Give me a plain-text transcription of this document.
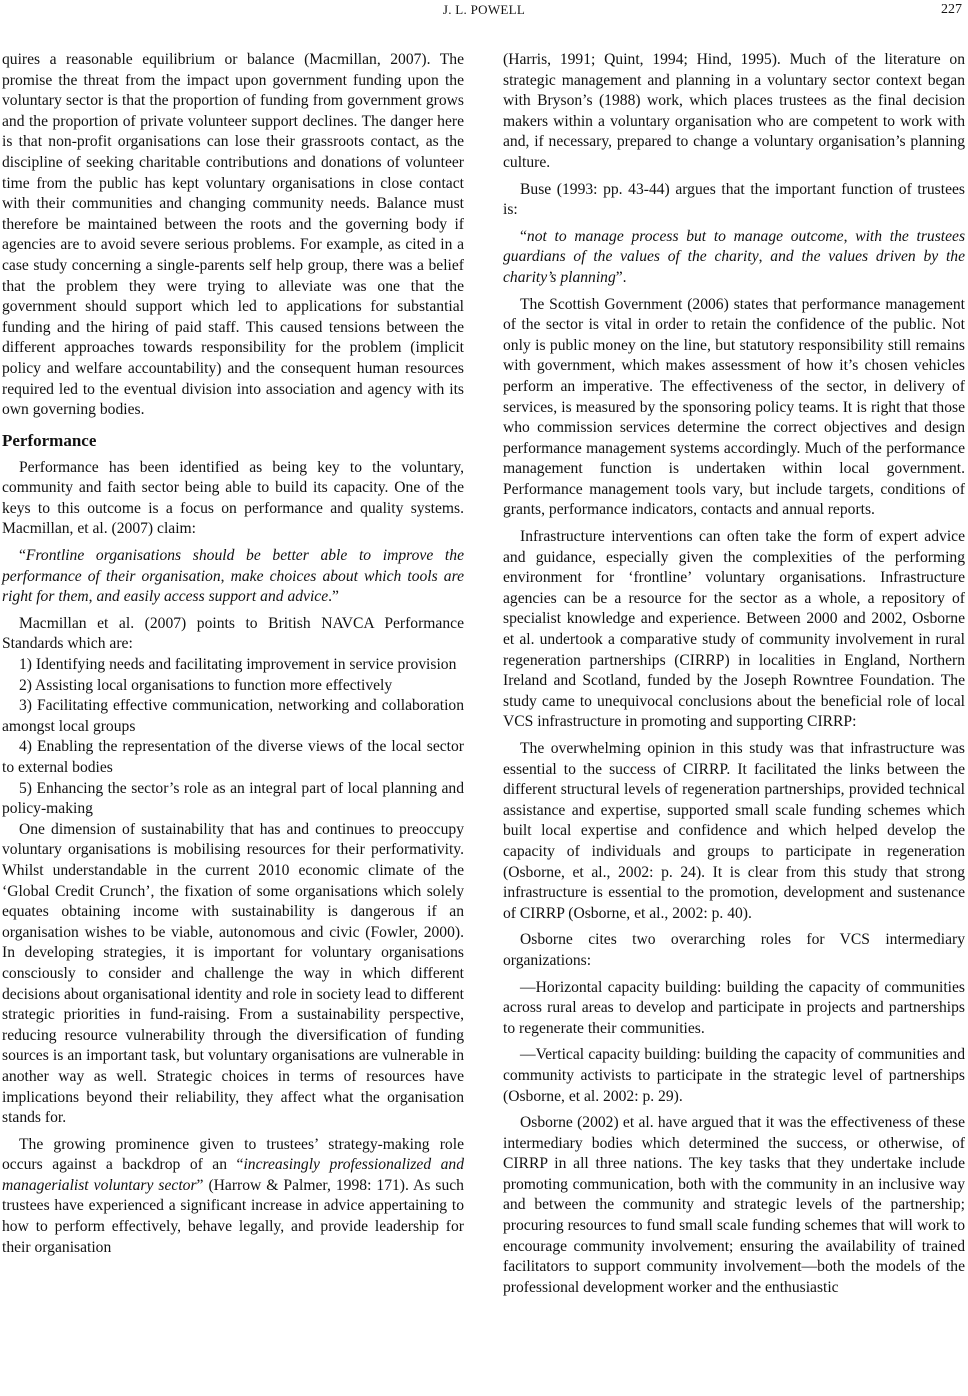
J. L. POWELL	227

quires a reasonable equilibrium or balance (Macmillan, 2007). The promise the threat from the impact upon government funding upon the voluntary sector is that the proportion of funding from government grows and the proportion of private volunteer support declines. The danger here is that non-profit organisations can lose their grassroots contact, as the discipline of seeking charitable contributions and donations of volunteer time from the public has kept voluntary organisations in close contact with their communities and changing community needs. Balance must therefore be maintained between the roots and the governing body if agencies are to avoid severe serious problems. For example, as cited in a case study concerning a single-parents self help group, there was a belief that the problem they were trying to alleviate was one that the government should support which led to applications for substantial funding and the hiring of paid staff. This caused tensions between the different approaches towards responsibility for the problem (implicit policy and welfare accountability) and the consequent human resources required led to the eventual division into association and agency with its own governing bodies.

Performance

Performance has been identified as being key to the voluntary, community and faith sector being able to build its capacity. One of the keys to this outcome is a focus on performance and quality systems. Macmillan, et al. (2007) claim:

“Frontline organisations should be better able to improve the performance of their organisation, make choices about which tools are right for them, and easily access support and advice.”

Macmillan et al. (2007) points to British NAVCA Performance Standards which are:

1) Identifying needs and facilitating improvement in service provision

2) Assisting local organisations to function more effectively

3) Facilitating effective communication, networking and collaboration amongst local groups

4) Enabling the representation of the diverse views of the local sector to external bodies

5) Enhancing the sector’s role as an integral part of local planning and policy-making

One dimension of sustainability that has and continues to preoccupy voluntary organisations is mobilising resources for their performativity. Whilst understandable in the current 2010 economic climate of the ‘Global Credit Crunch’, the fixation of some organisations which solely equates obtaining income with sustainability is dangerous if an organisation wishes to be viable, autonomous and civic (Fowler, 2000). In developing strategies, it is important for voluntary organisations consciously to consider and challenge the way in which different decisions about organisational identity and role in society lead to different strategic priorities in fund-raising. From a sustainability perspective, reducing resource vulnerability through the diversification of funding sources is an important task, but voluntary organisations are vulnerable in another way as well. Strategic choices in terms of resources have implications beyond their reliability, they affect what the organisation stands for.

The growing prominence given to trustees’ strategy-making role occurs against a backdrop of an “increasingly professionalized and managerialist voluntary sector” (Harrow & Palmer, 1998: 171). As such trustees have experienced a significant increase in advice appertaining to how to perform effectively, behave legally, and provide leadership for their organisation

(Harris, 1991; Quint, 1994; Hind, 1995). Much of the literature on strategic management and planning in a voluntary sector context began with Bryson’s (1988) work, which places trustees as the final decision makers within a voluntary organisation who are competent to work with and, if necessary, prepared to change a voluntary organisation’s planning culture.

Buse (1993: pp. 43-44) argues that the important function of trustees is:

“not to manage process but to manage outcome, with the trustees guardians of the values of the charity, and the values driven by the charity’s planning”.

The Scottish Government (2006) states that performance management of the sector is vital in order to retain the confidence of the public. Not only is public money on the line, but statutory responsibility still remains with government, which makes assessment of how it’s chosen vehicles perform an imperative. The effectiveness of the sector, in delivery of services, is measured by the sponsoring policy teams. It is right that those who commission services determine the correct objectives and design performance management systems accordingly. Much of the performance management function is undertaken within local government. Performance management tools vary, but include targets, conditions of grants, performance indicators, contacts and annual reports.

Infrastructure interventions can often take the form of expert advice and guidance, especially given the complexities of the performing environment for ‘frontline’ voluntary organisations. Infrastructure agencies can be a resource for the sector as a whole, a repository of specialist knowledge and experience. Between 2000 and 2002, Osborne et al. undertook a comparative study of community involvement in rural regeneration partnerships (CIRRP) in localities in England, Northern Ireland and Scotland, funded by the Joseph Rowntree Foundation. The study came to unequivocal conclusions about the beneficial role of local VCS infrastructure in promoting and supporting CIRRP:

The overwhelming opinion in this study was that infrastructure was essential to the success of CIRRP. It facilitated the links between the different structural levels of regeneration partnerships, provided technical assistance and expertise, supported small scale funding schemes which built local expertise and confidence and which helped develop the capacity of individuals and groups to participate in regeneration (Osborne, et al., 2002: p. 24). It is clear from this study that strong infrastructure is essential to the promotion, development and sustenance of CIRRP (Osborne, et al., 2002: p. 40).

Osborne cites two overarching roles for VCS intermediary organizations:

—Horizontal capacity building: building the capacity of communities across rural areas to develop and participate in projects and partnerships to regenerate their communities.

—Vertical capacity building: building the capacity of communities and community activists to participate in the strategic level of partnerships (Osborne, et al. 2002: p. 29).

Osborne (2002) et al. have argued that it was the effectiveness of these intermediary bodies which determined the success, or otherwise, of CIRRP in all three nations. The key tasks that they undertake include promoting communication, both with the community in an inclusive way and between the community and strategic levels of the partnership; procuring resources to fund small scale funding schemes that will work to encourage community involvement; ensuring the availability of trained facilitators to support community involvement—both the models of the professional development worker and the enthusiastic
